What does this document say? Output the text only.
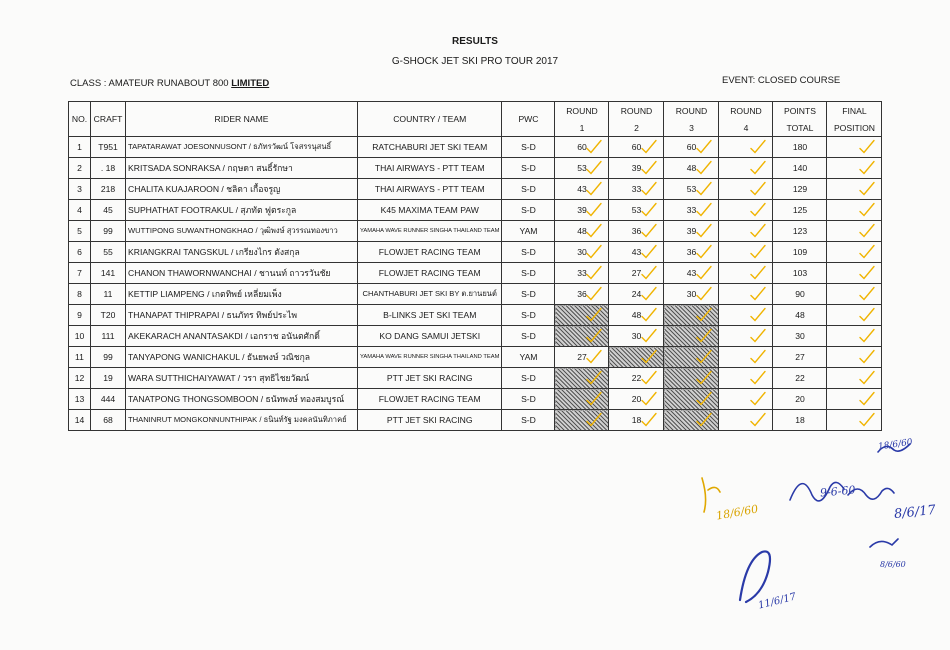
RESULTS
G-SHOCK JET SKI PRO TOUR 2017
CLASS : AMATEUR RUNABOUT 800 LIMITED	EVENT: CLOSED COURSE
NO.	CRAFT	RIDER NAME	COUNTRY / TEAM	PWC	ROUND	ROUND	ROUND	ROUND	POINTS	FINAL
					1	2	3	4	TOTAL	POSITION
1	T951	TAPATARAWAT JOESONNUSONT / ธภัทรวัฒน์ โจสรรนุสนธิ์	RATCHABURI JET SKI TEAM	S-D	60	60	60		180	
2	. 18	KRITSADA SONRAKSA / กฤษดา สนธิ์รักษา	THAI AIRWAYS - PTT TEAM	S-D	53	39	48		140	
3	218	CHALITA KUAJAROON / ชลิตา เกื้อจรูญ	THAI AIRWAYS - PTT TEAM	S-D	43	33	53		129	
4	45	SUPHATHAT FOOTRAKUL / สุภทัต ฟูตระกูล	K45 MAXIMA TEAM PAW	S-D	39	53	33		125	
5	99	WUTTIPONG SUWANTHONGKHAO / วุฒิพงษ์ สุวรรณทองขาว	YAMAHA WAVE RUNNER SINGHA THAILAND TEAM	YAM	48	36	39		123	
6	55	KRIANGKRAI TANGSKUL / เกรียงไกร ตังสกุล	FLOWJET RACING TEAM	S-D	30	43	36		109	
7	141	CHANON THAWORNWANCHAI / ชานนท์ ถาวรวันชัย	FLOWJET RACING TEAM	S-D	33	27	43		103	
8	11	KETTIP LIAMPENG / เกตทิพย์ เหลี่ยมเพ็ง	CHANTHABURI JET SKI BY ต.ยานยนต์	S-D	36	24	30		90	
9	T20	THANAPAT THIPRAPAI / ธนภัทร ทิพย์ประไพ	B-LINKS JET SKI TEAM	S-D		48			48	
10	111	AKEKARACH ANANTASAKDI / เอกราช อนันตศักดิ์	KO DANG SAMUI JETSKI	S-D		30			30	
11	99	TANYAPONG WANICHAKUL / ธันยพงษ์ วณิชกุล	YAMAHA WAVE RUNNER SINGHA THAILAND TEAM	YAM	27				27	
12	19	WARA SUTTHICHAIYAWAT / วรา สุทธิไชยวัฒน์	PTT JET SKI RACING	S-D		22			22	
13	444	TANATPONG THONGSOMBOON / ธนัทพงษ์ ทองสมบูรณ์	FLOWJET RACING TEAM	S-D		20			20	
14	68	THANINRUT MONGKONNUNTHIPAK / ธนินท์รัฐ มงคลนันทิภาคย์	PTT JET SKI RACING	S-D		18			18	
18/6/60
8/6/17
8/6/60
9-6-60
11/6/17
18/6/60
